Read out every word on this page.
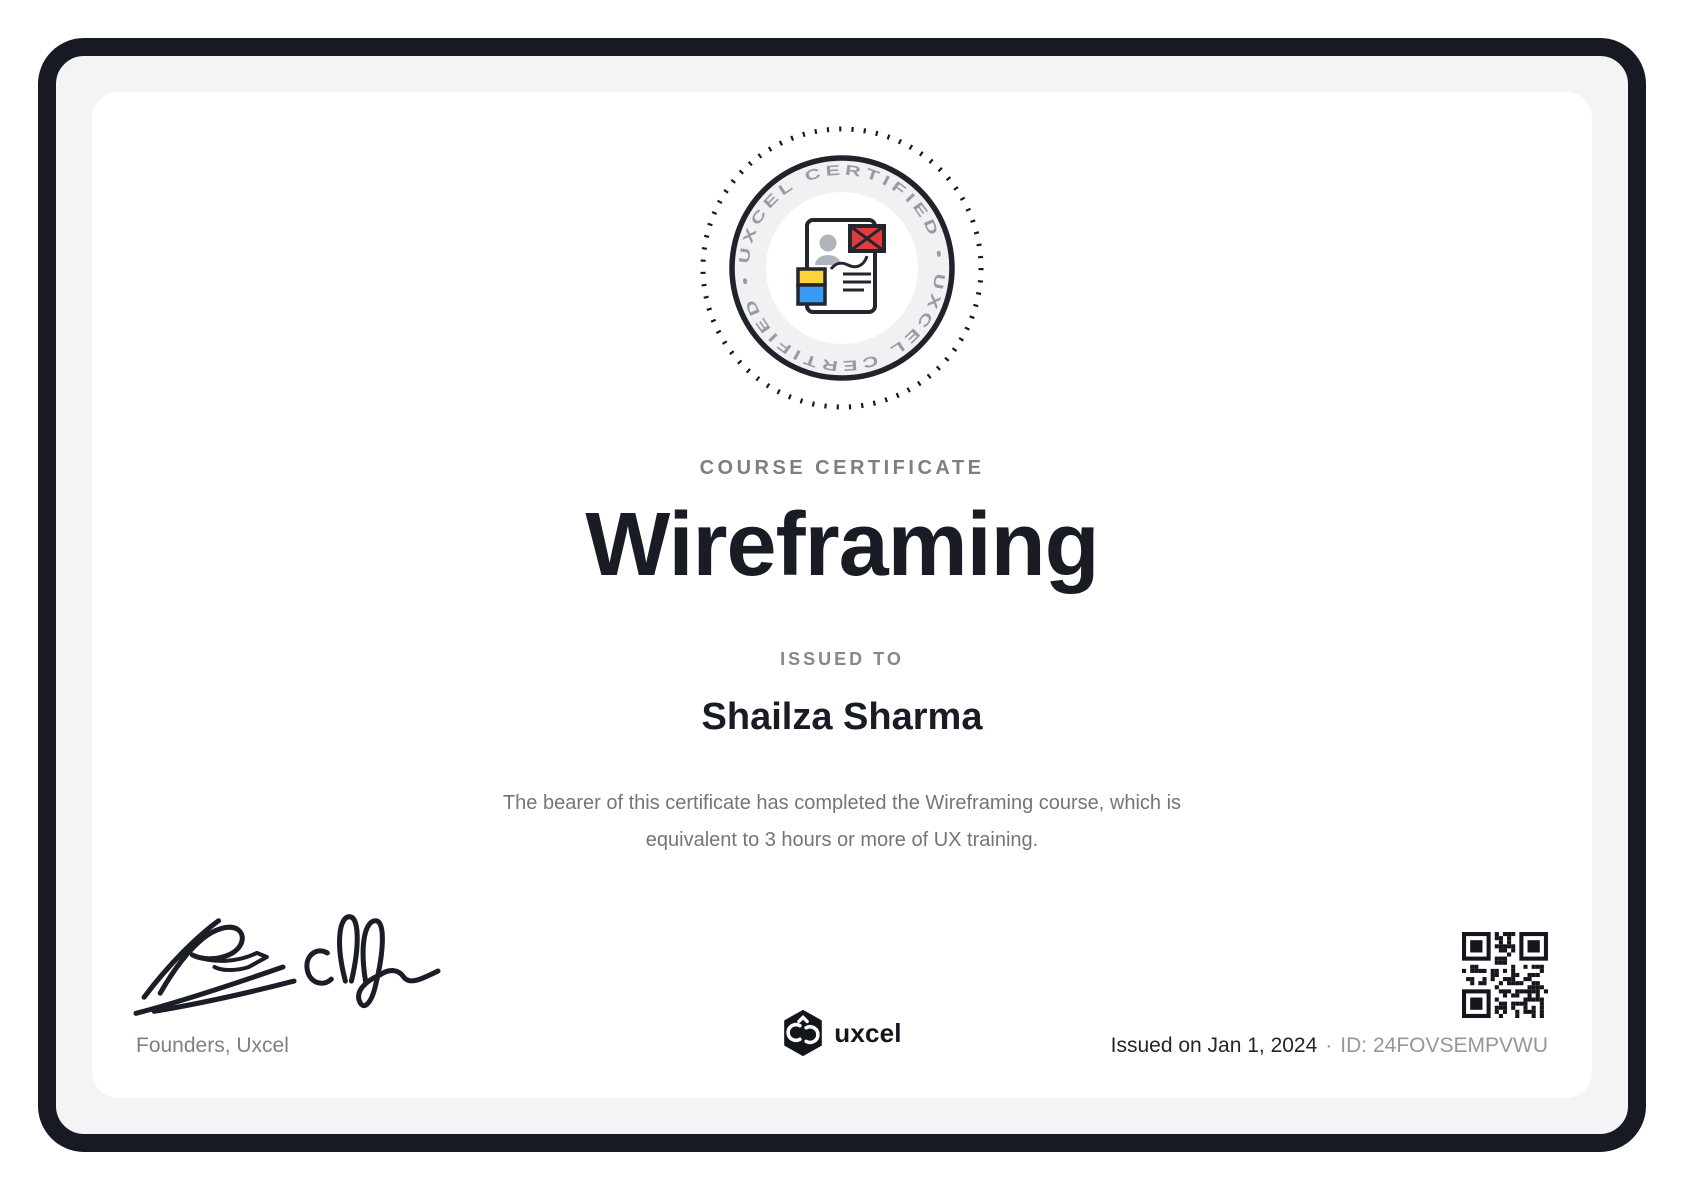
UXCEL CERTIFIED • UXCEL CERTIFIED •
COURSE CERTIFICATE
Wireframing
ISSUED TO
Shailza Sharma

The bearer of this certificate has completed the Wireframing course, which is
equivalent to 3 hours or more of UX training.

Founders, Uxcel	uxcel	Issued on Jan 1, 2024 · ID: 24FOVSEMPVWU
